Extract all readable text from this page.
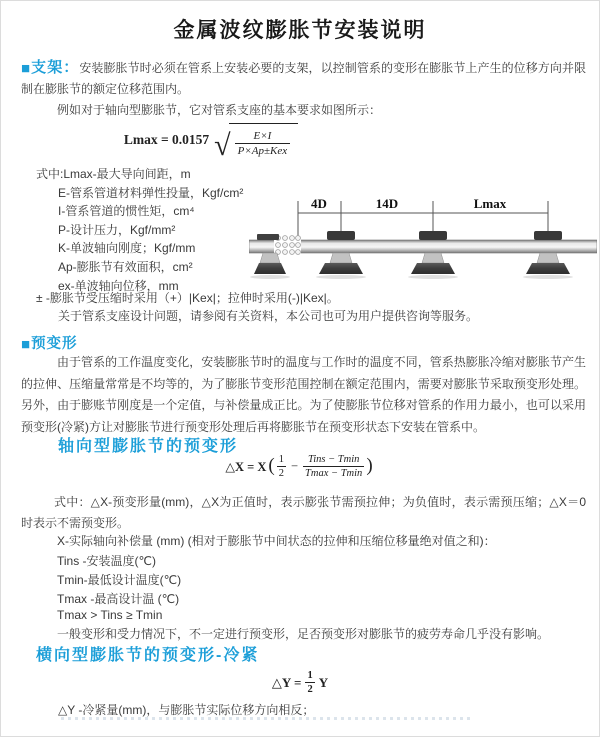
金属波纹膨胀节安装说明

■支架：安装膨胀节时必须在管系上安装必要的支架，以控制管系的变形在膨胀节上产生的位移方向并限制在膨胀节的额定位移范围内。

例如对于轴向型膨胀节，它对管系支座的基本要求如图所示：

Lmax = 0.0157 √ $\frac{E\times I}{\text{P×Ap±Kex}}$
式中:Lmax-最大导向间距，m
E-管系管道材料弹性投量，Kgf/cm²
I-管系管道的惯性矩，cm⁴
P-设计压力，Kgf/mm²
K-单波轴向刚度；Kgf/mm
Ap-膨胀节有效面积，cm²
ex-单波轴向位移，mm
± -膨胀节受压缩时采用（+）|Kex|；拉伸时采用(-)|Kex|。
关于管系支座设计问题，请参阅有关资料，本公司也可为用户提供咨询等服务。
4D	14D	Lmax
■预变形

由于管系的工作温度变化，安装膨胀节时的温度与工作时的温度不同，管系热膨胀冷缩对膨胀节产生的拉伸、压缩量常常是不均等的，为了膨胀节变形范围控制在额定范围内，需要对膨胀节采取预变形处理。另外，由于膨账节刚度是一个定值，与补偿量成正比。为了使膨胀节位移对管系的作用力最小，也可以采用预变形(冷紧)方让对膨胀节进行预变形处理后再将膨胀节在预变形状态下安装在管系中。

轴向型膨胀节的预变形
△X = X ( $\frac{1}{2} - \frac{\text{Tins − Tmin}}{Tmax - Tmin}$ )

式中：△X-预变形量(mm)，△X为正值时，表示膨张节需预拉伸；为负值时，表示需预压缩；△X＝0时表示不需预变形。

X-实际轴向补偿量 (mm) (相对于膨胀节中间状态的拉伸和压缩位移量绝对值之和)：
Tins -安装温度(℃)
Tmin-最低设计温度(℃)
Tmax -最高设计温 (℃)
Tmax > Tins ≥ Tmin

一般变形和受力情况下，不一定进行预变形，足否预变形对膨胀节的疲劳寿命几乎没有影响。

横向型膨胀节的预变形-冷紧
△Y = $\frac{1}{2}$ Y
△Y -冷紧量(mm)，与膨胀节实际位移方向相反；
